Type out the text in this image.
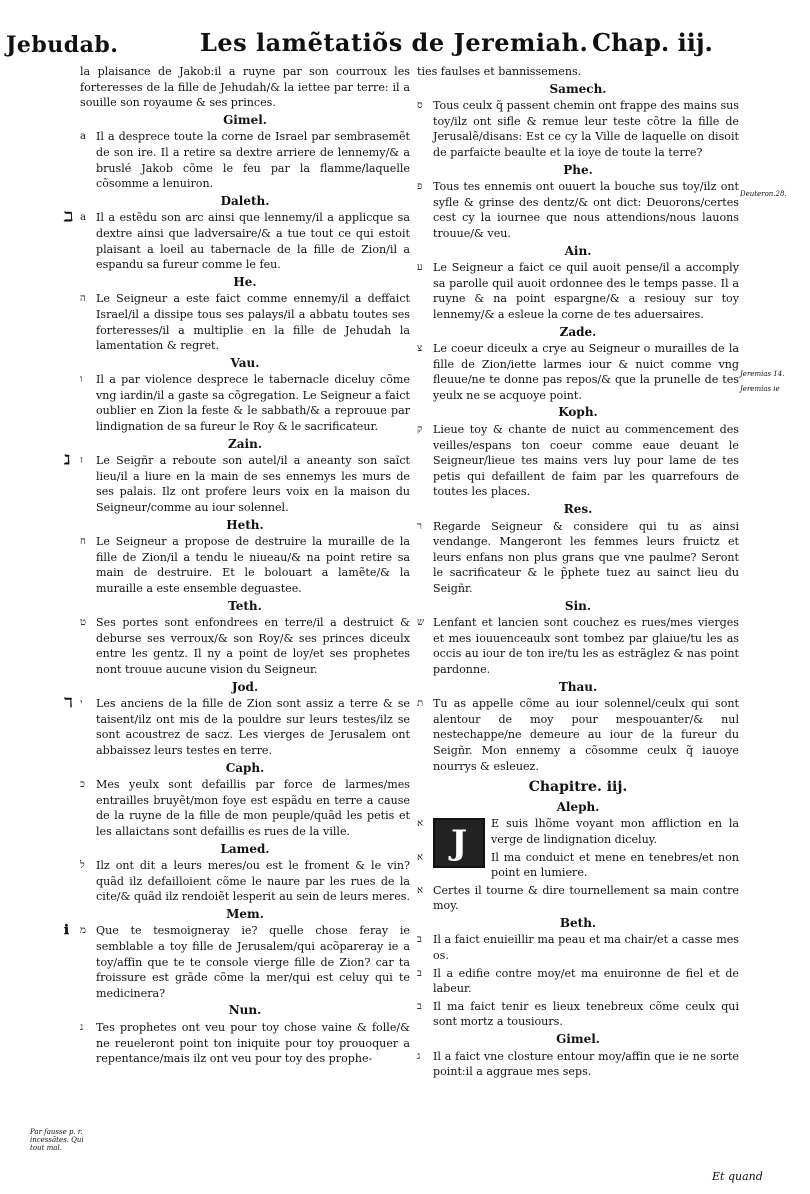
Jebudab.	Les lamẽtatiõs de Jeremiah. Chap. iij.
la plaisance de Jakob:il a ruyne par son courroux les forteresses de la fille de Jehudah/& la iettee par terre: il a souille son royaume & ses princes.
Gimel.
a Il a desprece toute la corne de Israel par sembrasemẽt de son ire. Il a retire sa dextre arriere de lennemy/& a bruslé Jakob cõme le feu par la flamme/laquelle cõsomme a lenuiron.
Daleth.
ℶ a Il a estẽdu son arc ainsi que lennemy/il a applicque sa dextre ainsi que ladversaire/& a tue tout ce qui estoit plaisant a loeil au tabernacle de la fille de Zion/il a espandu sa fureur comme le feu.
He.
ה Le Seigneur a este faict comme ennemy/il a deffaict Israel/il a dissipe tous ses palays/il a abbatu toutes ses forteresses/il a multiplie en la fille de Jehudah la lamentation & regret.
Vau.
ו Il a par violence desprece le tabernacle diceluy cõme vng iardin/il a gaste sa cõgregation. Le Seigneur a faict oublier en Zion la feste & le sabbath/& a reprouue par lindignation de sa fureur le Roy & le sacrificateur.
Zain.
ℷ ז Le Seigñr a reboute son autel/il a aneanty son saĩct lieu/il a liure en la main de ses ennemys les murs de ses palais. Ilz ont profere leurs voix en la maison du Seigneur/comme au iour solennel.
Heth.
ח Le Seigneur a propose de destruire la muraille de la fille de Zion/il a tendu le niueau/& na point retire sa main de destruire. Et le bolouart a lamẽte/& la muraille a este ensemble deguastee.
Teth.
ט Ses portes sont enfondrees en terre/il a destruict & deburse ses verroux/& son Roy/& ses princes diceulx entre les gentz. Il ny a point de loy/et ses prophetes nont trouue aucune vision du Seigneur.
Jod.
ℸ י Les anciens de la fille de Zion sont assiz a terre & se taisent/ilz ont mis de la pouldre sur leurs testes/ilz se sont acoustrez de sacz. Les vierges de Jerusalem ont abbaissez leurs testes en terre.
Caph.
כ Mes yeulx sont defaillis par force de larmes/mes entrailles bruyẽt/mon foye est espãdu en terre a cause de la ruyne de la fille de mon peuple/quãd les petis et les allaictans sont defaillis es rues de la ville.
Lamed.
ל Ilz ont dit a leurs meres/ou est le froment & le vin? quãd ilz defailloient cõme le naure par les rues de la cite/& quãd ilz rendoiẽt lesperit au sein de leurs meres.
Mem.
ℹ מ Que te tesmoigneray ie? quelle chose feray ie semblable a toy fille de Jerusalem/qui acõpareray ie a toy/affin que te te console vierge fille de Zion? car ta froissure est grãde cõme la mer/qui est celuy qui te medicinera?
Nun.
נ Tes prophetes ont veu pour toy chose vaine & folle/& ne reueleront point ton iniquite pour toy prouoquer a repentance/mais ilz ont veu pour toy des prophe-
ties faulses et bannissemens.
Samech.
ס Tous ceulx q̃ passent chemin ont frappe des mains sus toy/ilz ont sifle & remue leur teste cõtre la fille de Jerusalẽ/disans: Est ce cy la Ville de laquelle on disoit de parfaicte beaulte et la ioye de toute la terre?
Phe.
פ Tous tes ennemis ont ouuert la bouche sus toy/ilz ont syfle & grinse des dentz/& ont dict: Deuorons/certes cest cy la iournee que nous attendions/nous lauons trouue/& veu.
Ain.
ע Le Seigneur a faict ce quil auoit pense/il a accomply sa parolle quil auoit ordonnee des le temps passe. Il a ruyne & na point espargne/& a resiouy sur toy lennemy/& a esleue la corne de tes aduersaires.
Zade.
צ Le coeur diceulx a crye au Seigneur o murailles de la fille de Zion/iette larmes iour & nuict comme vng fleuue/ne te donne pas repos/& que la prunelle de tes yeulx ne se acquoye point.
Koph.
ק Lieue toy & chante de nuict au commencement des veilles/espans ton coeur comme eaue deuant le Seigneur/lieue tes mains vers luy pour lame de tes petis qui defaillent de faim par les quarrefours de toutes les places.
Res.
ר Regarde Seigneur & considere qui tu as ainsi vendange. Mangeront les femmes leurs fruictz et leurs enfans non plus grans que vne paulme? Seront le sacrificateur & le p̃phete tuez au sainct lieu du Seigñr.
Sin.
ש Lenfant et lancien sont couchez es rues/mes vierges et mes iouuenceaulx sont tombez par glaiue/tu les as occis au iour de ton ire/tu les as estrãglez & nas point pardonne.
Thau.
ת Tu as appelle cõme au iour solennel/ceulx qui sont alentour de moy pour mespouanter/& nul nestechappe/ne demeure au iour de la fureur du Seigñr. Mon ennemy a cõsomme ceulx q̃ iauoye nourrys & esleuez.
Chapitre. iij.
Aleph.
א J	E suis lhõme voyant mon affliction en la verge de lindignation diceluy.
א	Il ma conduict et mene en tenebres/et non point en lumiere.
א Certes il tourne & dire tournellement sa main contre moy.
Beth.
ב Il a faict enuieillir ma peau et ma chair/et a casse mes os.
ב Il a edifie contre moy/et ma enuironne de fiel et de labeur.
ב Il ma faict tenir es lieux tenebreux cõme ceulx qui sont mortz a tousiours.
Gimel.
ג Il a faict vne closture entour moy/affin que ie ne sorte point:il a aggraue mes seps.
Par fausse p. r. incessãtes. Qui tout mal.
Deuteron.28.
Jeremias 14.
Jeremias ie
Et quand
